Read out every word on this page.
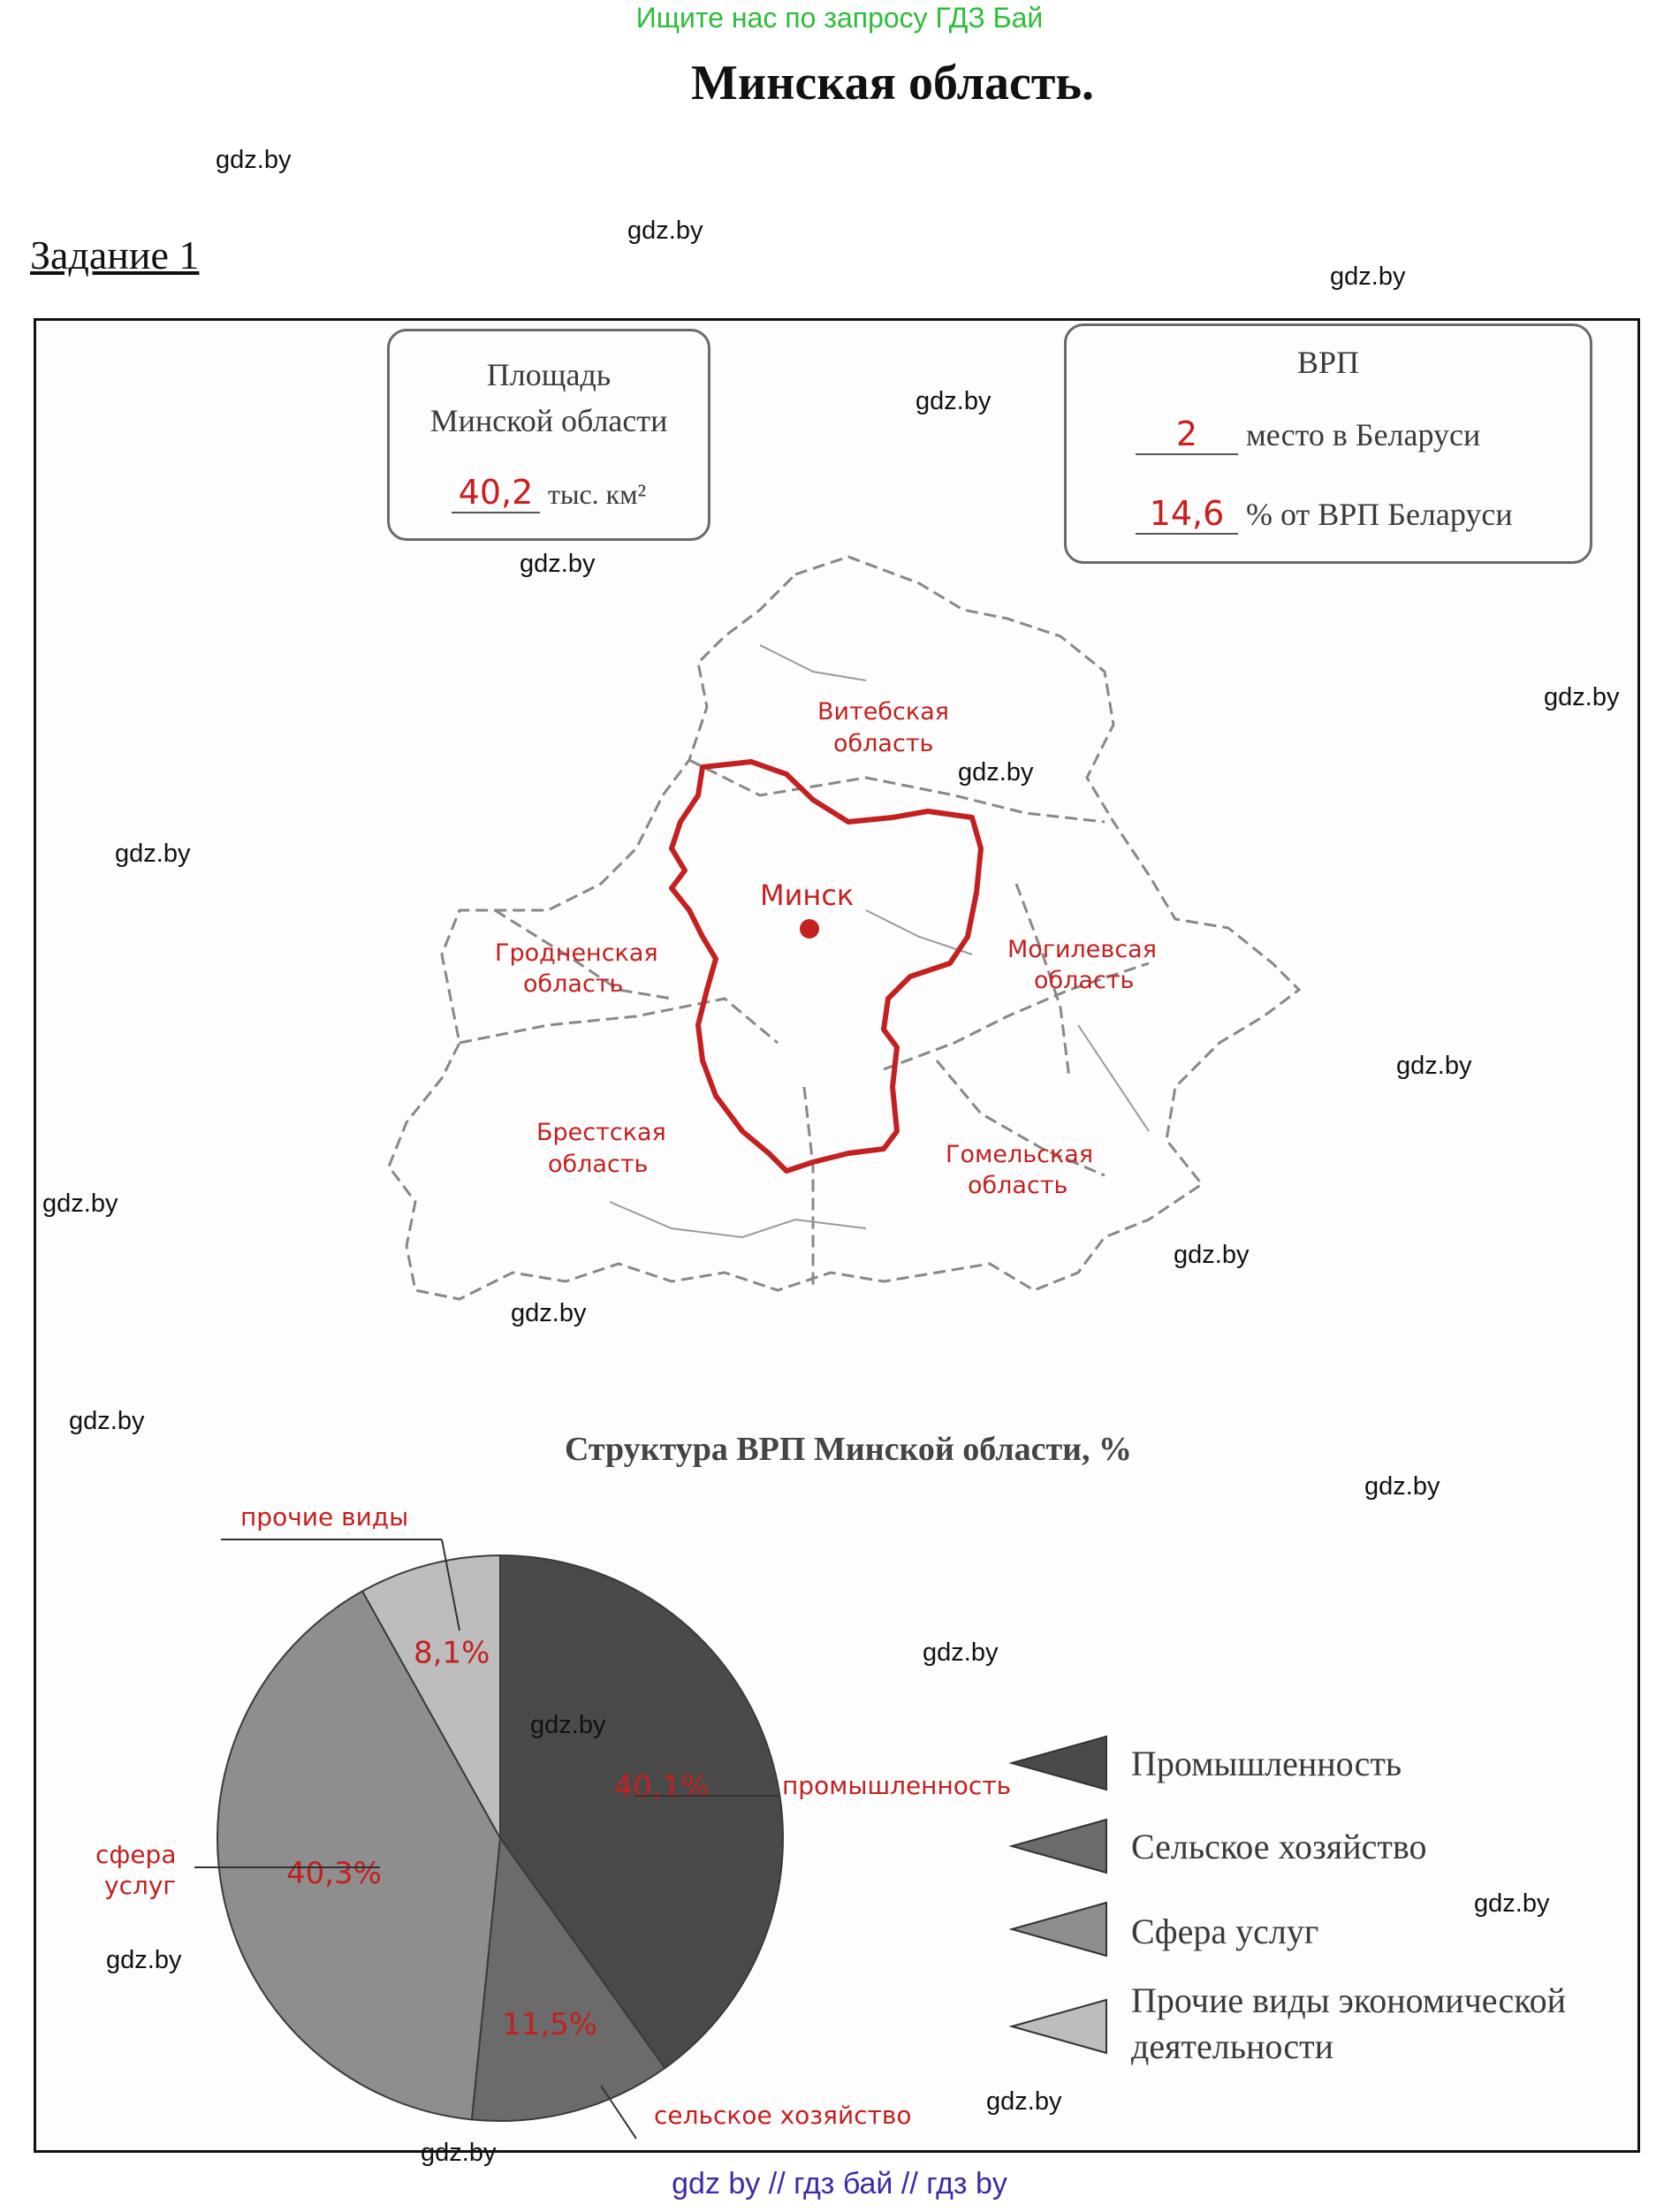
Ищите нас по запросу ГДЗ Бай
Минская область.
Задание 1
Площадь
Минской области
40,2 тыс. км²
ВРП
2 место в Беларуси
14,6 % от ВРП Беларуси
Витебская
область
Гродненская
область
Могилевсая
область
Брестская
область	Гомельская
область
Минск
Структура ВРП Минской области, %
40,1%
11,5%
40,3%
8,1%
промышленность
сельское хозяйство
сфера
услуг
прочие виды
Промышленность
Сельское хозяйство
Сфера услуг
Прочие виды экономической
деятельности
gdz.by
gdz.by
gdz.by
gdz.by
gdz.by
gdz.by
gdz.by
gdz.by
gdz.by
gdz.by
gdz.by
gdz.by
gdz.by
gdz.by
gdz.by
gdz.by
gdz.by
gdz.by
gdz.by
gdz.by
gdz by // гдз бай // гдз by
